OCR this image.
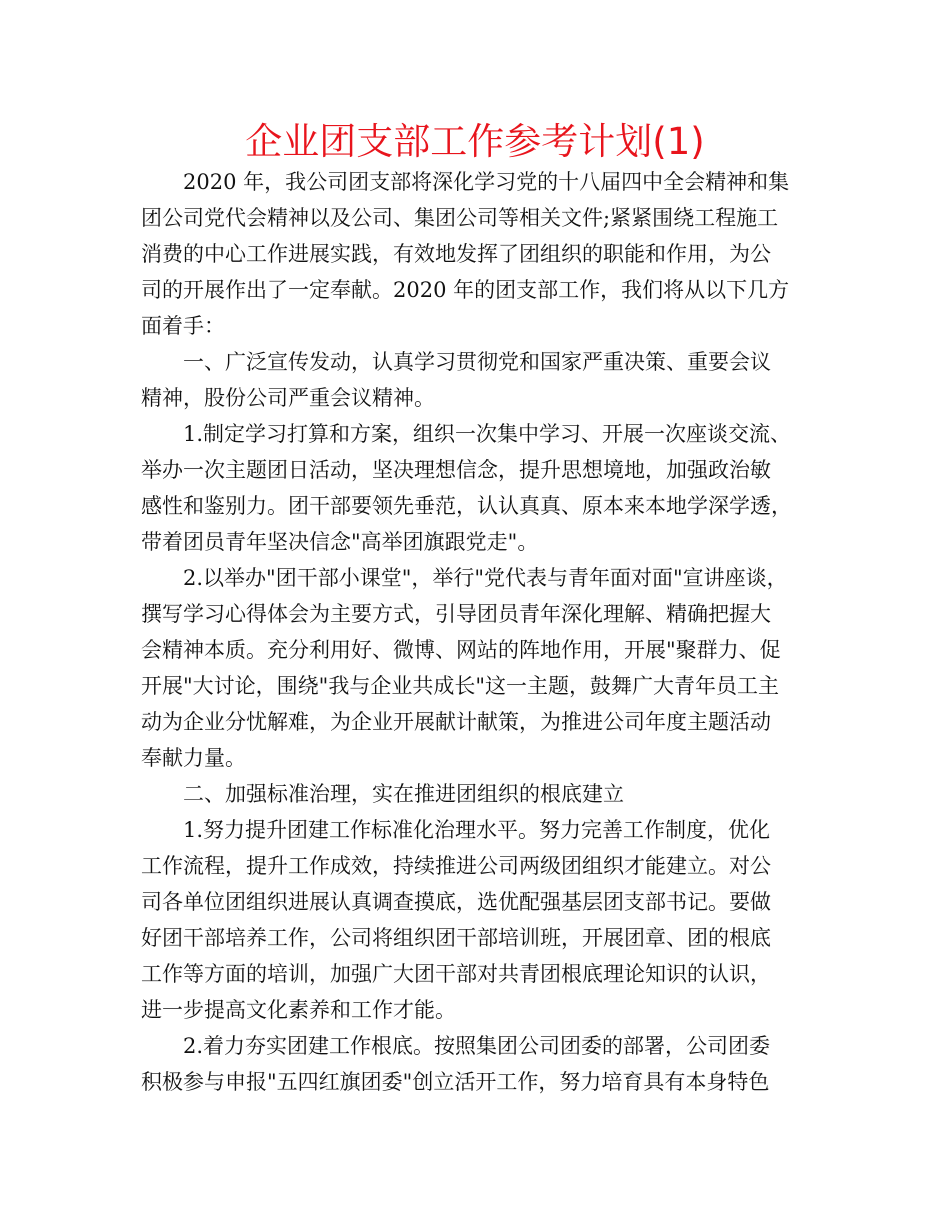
企业团支部工作参考计划(1)

2020 年，我公司团支部将深化学习党的十八届四中全会精神和集
团公司党代会精神以及公司、集团公司等相关文件;紧紧围绕工程施工
消费的中心工作进展实践，有效地发挥了团组织的职能和作用，为公
司的开展作出了一定奉献。2020 年的团支部工作，我们将从以下几方
面着手：

一、广泛宣传发动，认真学习贯彻党和国家严重决策、重要会议
精神，股份公司严重会议精神。

1.制定学习打算和方案，组织一次集中学习、开展一次座谈交流、
举办一次主题团日活动，坚决理想信念，提升思想境地，加强政治敏
感性和鉴别力。团干部要领先垂范，认认真真、原本来本地学深学透，
带着团员青年坚决信念"高举团旗跟党走"。

2.以举办"团干部小课堂"，举行"党代表与青年面对面"宣讲座谈，
撰写学习心得体会为主要方式，引导团员青年深化理解、精确把握大
会精神本质。充分利用好、微博、网站的阵地作用，开展"聚群力、促
开展"大讨论，围绕"我与企业共成长"这一主题，鼓舞广大青年员工主
动为企业分忧解难，为企业开展献计献策，为推进公司年度主题活动
奉献力量。

二、加强标准治理，实在推进团组织的根底建立

1.努力提升团建工作标准化治理水平。努力完善工作制度，优化
工作流程，提升工作成效，持续推进公司两级团组织才能建立。对公
司各单位团组织进展认真调查摸底，选优配强基层团支部书记。要做
好团干部培养工作，公司将组织团干部培训班，开展团章、团的根底
工作等方面的培训，加强广大团干部对共青团根底理论知识的认识，
进一步提高文化素养和工作才能。

2.着力夯实团建工作根底。按照集团公司团委的部署，公司团委
积极参与申报"五四红旗团委"创立活开工作，努力培育具有本身特色
